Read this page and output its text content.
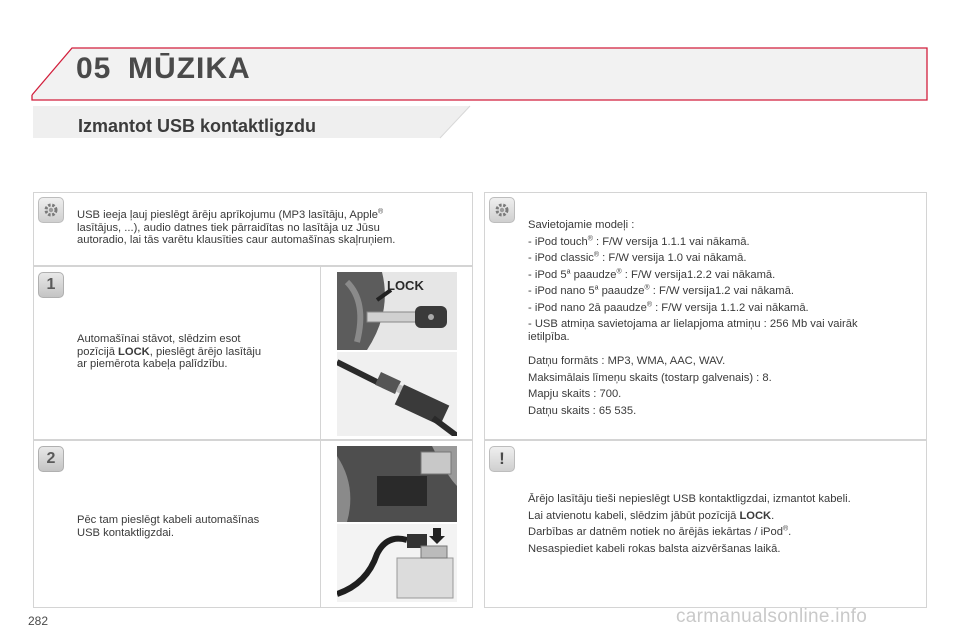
05 MŪZIKA
Izmantot USB kontaktligzdu

USB ieeja ļauj pieslēgt ārēju aprīkojumu (MP3 lasītāju, Apple®

lasītājus, ...), audio datnes tiek pārraidītas no lasītāja uz Jūsu

autoradio, lai tās varētu klausīties caur automašīnas skaļruņiem.

1

Automašīnai stāvot, slēdzim esot

pozīcijā LOCK, pieslēgt ārējo lasītāju

ar piemērota kabeļa palīdzību.

LOCK
2

Pēc tam pieslēgt kabeli automašīnas

USB kontaktligzdai.

Savietojamie modeļi :

- iPod touch® : F/W versija 1.1.1 vai nākamā.

- iPod classic® : F/W versija 1.0 vai nākamā.

- iPod 5$^a$ paaudze® : F/W versija1.2.2 vai nākamā.

- iPod nano 5$^a$ paaudze® : F/W versija1.2 vai nākamā.

- iPod nano 2ā paaudze® : F/W versija 1.1.2 vai nākamā.

- USB atmiņa savietojama ar lielapjoma atmiņu : 256 Mb vai vairāk

ietilpība.

Datņu formāts : MP3, WMA, AAC, WAV.

Maksimālais līmeņu skaits (tostarp galvenais) : 8.

Mapju skaits : 700.

Datņu skaits : 65 535.

!

Ārējo lasītāju tieši nepieslēgt USB kontaktligzdai, izmantot kabeli.

Lai atvienotu kabeli, slēdzim jābūt pozīcijā LOCK.

Darbības ar datnēm notiek no ārējās iekārtas / iPod®.

Nesaspiediet kabeli rokas balsta aizvēršanas laikā.

282	carmanualsonline.info
